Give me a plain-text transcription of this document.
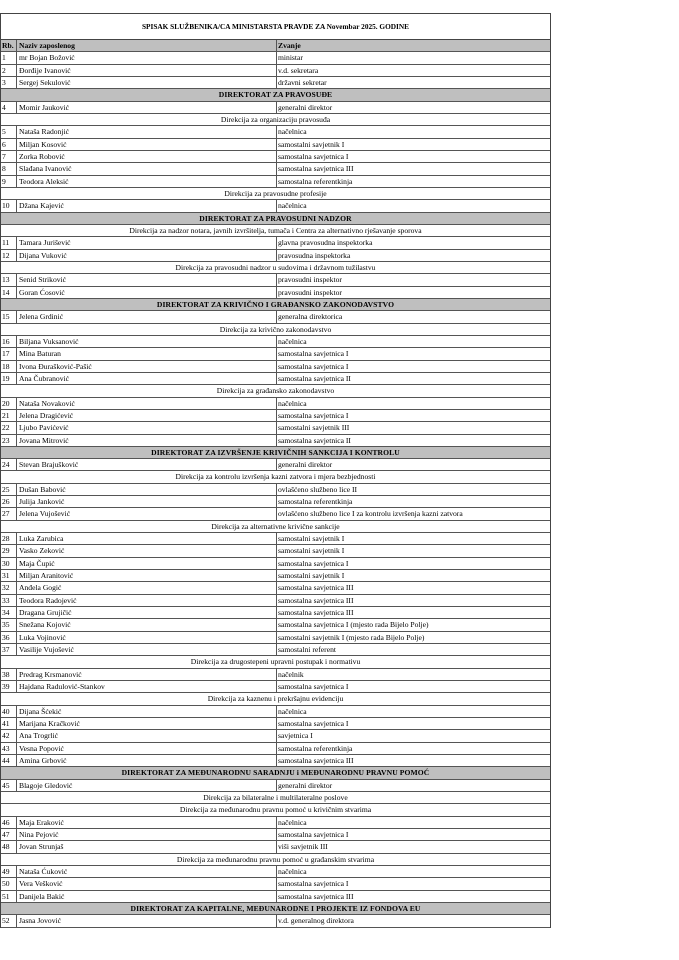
SPISAK SLUŽBENIKA/CA MINISTARSTA PRAVDE ZA Novembar 2025. GODINE
Rb. Naziv zaposlenog	Zvanje
1	mr Bojan Božović	ministar
2	Đorđije Ivanović	v.d. sekretara
3	Sergej Sekulović	državni sekretar
DIREKTORAT ZA PRAVOSUĐE
4	Momir Jauković	generalni direktor
Direkcija za organizaciju pravosuđa
5	Nataša Radonjić	načelnica
6	Miljan Kosović	samostalni savjetnik I
7	Zorka Robović	samostalna savjetnica I
8	Slađana Ivanović	samostalna savjetnica III
9	Teodora Aleksić	samostalna referentkinja
Direkcija za pravosudne profesije
10	Džana Kajević	načelnica
DIREKTORAT ZA PRAVOSUDNI NADZOR
Direkcija za nadzor notara, javnih izvršitelja, tumača i Centra za alternativno rješavanje sporova
11	Tamara Jurišević	glavna pravosudna inspektorka
12	Dijana Vuković	pravosudna inspektorka
Direkcija za pravosudni nadzor u sudovima i državnom tužilastvu
13	Senid Striković	pravosudni inspektor
14	Goran Ćosović	pravosudni inspektor
DIREKTORAT ZA KRIVIČNO I GRAĐANSKO ZAKONODAVSTVO
15	Jelena Grdinić	generalna direktorica
Direkcija za krivično zakonodavstvo
16	Biljana Vuksanović	načelnica
17	Mina Baturan	samostalna savjetnica I
18	Ivona Đurašković-Pašić	samostalna savjetnica I
19	Ana Čubranović	samostalna savjetnica II
Direkcija za građansko zakonodavstvo
20	Nataša Novaković	načelnica
21	Jelena Dragićević	samostalna savjetnica I
22	Ljubo Pavićević	samostalni savjetnik III
23	Jovana Mitrović	samostalna savjetnica II
DIREKTORAT ZA IZVRŠENJE KRIVIČNIH SANKCIJA I KONTROLU
24	Stevan Brajušković	generalni direktor
Direkcija za kontrolu izvršenja kazni zatvora i mjera bezbjednosti
25	Dušan Babović	ovlašćeno službeno lice II
26	Julija Janković	samostalna referentkinja
27	Jelena Vujošević	ovlašćeno službeno lice I za kontrolu izvršenja kazni zatvora
Direkcija za alternativne krivične sankcije
28	Luka Zarubica	samostalni savjetnik I
29	Vasko Zeković	samostalni savjetnik I
30	Maja Čupić	samostalna savjetnica I
31	Miljan Aranitović	samostalni savjetnik I
32	Anđela Gogić	samostalna savjetnica III
33	Teodora Radojević	samostalna savjetnica III
34	Dragana Grujičić	samostalna savjetnica III
35	Snežana Kojović	samostalna savjetnica I (mjesto rada Bijelo Polje)
36	Luka Vojinović	samostalni savjetnik I (mjesto rada Bijelo Polje)
37	Vasilije Vujošević	samostalni referent
Direkcija za drugostepeni upravni postupak i normativu
38	Predrag Krsmanović	načelnik
39	Hajdana Radulović-Stankov	samostalna savjetnica I
Direkcija za kaznenu i prekršajnu evidenciju
40	Dijana Šćekić	načelnica
41	Marijana Kračković	samostalna savjetnica I
42	Ana Trogrlić	savjetnica I
43	Vesna Popović	samostalna referentkinja
44	Amina Grbović	samostalna savjetnica III
DIREKTORAT ZA MEĐUNARODNU SARADNJU i MEĐUNARODNU PRAVNU POMOĆ
45	Blagoje Gledović	generalni direktor
Direkcija za bilateralne i multilateralne poslove
Direkcija za međunarodnu pravnu pomoć u krivičnim stvarima
46	Maja Eraković	načelnica
47	Nina Pejović	samostalna savjetnica I
48	Jovan Strunjaš	viši savjetnik III
Direkcija za međunarodnu pravnu pomoć u građanskim stvarima
49	Nataša Ćuković	načelnica
50	Vera Vešković	samostalna savjetnica I
51	Danijela Bakić	samostalna savjetnica III
DIREKTORAT ZA KAPITALNE, MEĐUNARODNE I PROJEKTE IZ FONDOVA EU
52	Jasna Jovović	v.d. generalnog direktora
